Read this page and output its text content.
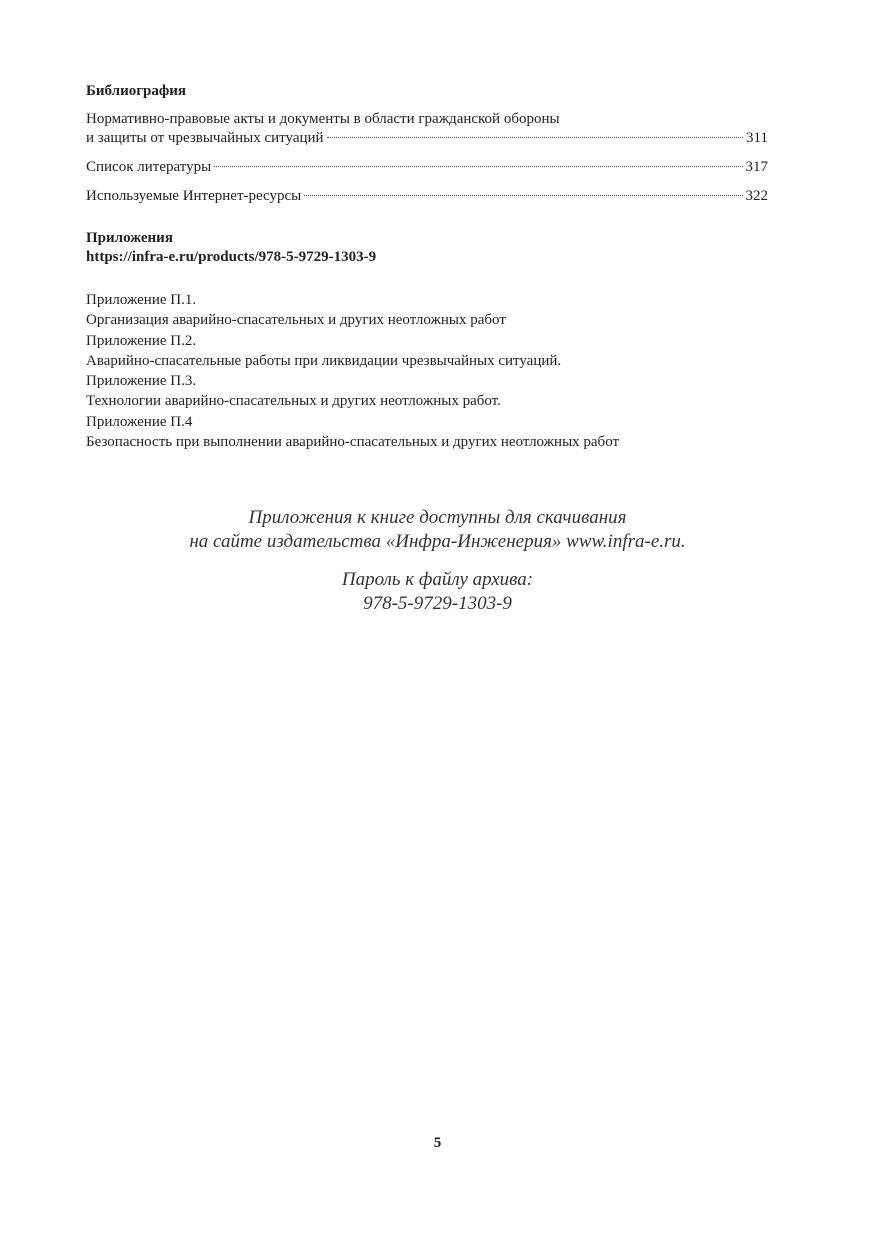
Библиография
Нормативно-правовые акты и документы в области гражданской обороны
и защиты от чрезвычайных ситуаций	311
Список литературы	317
Используемые Интернет-ресурсы	322
Приложения
https://infra-e.ru/products/978-5-9729-1303-9
Приложение П.1.
Организация аварийно-спасательных и других неотложных работ
Приложение П.2.
Аварийно-спасательные работы при ликвидации чрезвычайных ситуаций.
Приложение П.3.
Технологии аварийно-спасательных и других неотложных работ.
Приложение П.4
Безопасность при выполнении аварийно-спасательных и других неотложных работ
Приложения к книге доступны для скачивания
на сайте издательства «Инфра-Инженерия» www.infra-e.ru.
Пароль к файлу архива:
978-5-9729-1303-9
5
